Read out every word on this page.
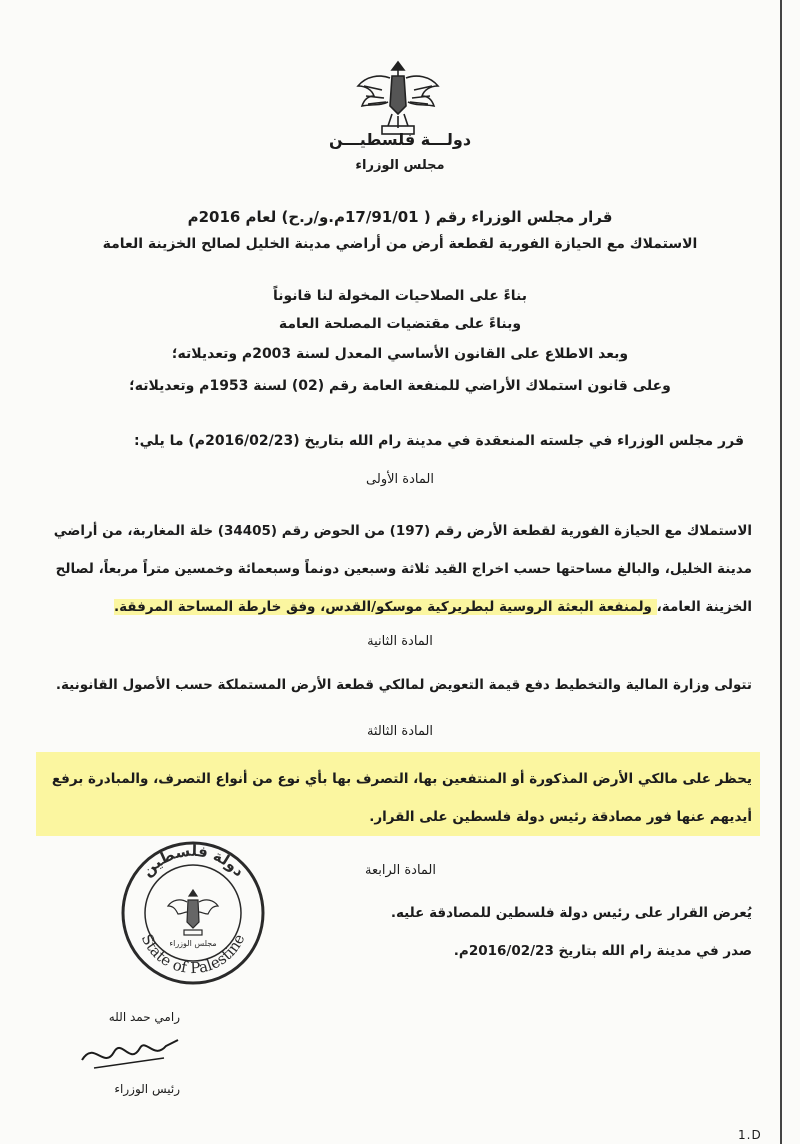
دولـــة فلسطيـــن
مجلس الوزراء
قرار مجلس الوزراء رقم ( 17/91/01م.و/ر.ح) لعام 2016م
الاستملاك مع الحيازة الفورية لقطعة أرض من أراضي مدينة الخليل لصالح الخزينة العامة
بناءً على الصلاحيات المخولة لنا قانوناً
وبناءً على مقتضيات المصلحة العامة
وبعد الاطلاع على القانون الأساسي المعدل لسنة 2003م وتعديلاته؛
وعلى قانون استملاك الأراضي للمنفعة العامة رقم (02) لسنة 1953م وتعديلاته؛
قرر مجلس الوزراء في جلسته المنعقدة في مدينة رام الله بتاريخ (2016/02/23م) ما يلي:
المادة الأولى
الاستملاك مع الحيازة الفورية لقطعة الأرض رقم (197) من الحوض رقم (34405) خلة المغاربة، من أراضي
مدينة الخليل، والبالغ مساحتها حسب اخراج القيد ثلاثة وسبعين دونماً وسبعمائة وخمسين متراً مربعاً، لصالح
الخزينة العامة، ولمنفعة البعثة الروسية لبطريركية موسكو/القدس، وفق خارطة المساحة المرفقة.
المادة الثانية
تتولى وزارة المالية والتخطيط دفع قيمة التعويض لمالكي قطعة الأرض المستملكة حسب الأصول القانونية.
المادة الثالثة
يحظر على مالكي الأرض المذكورة أو المنتفعين بها، التصرف بها بأي نوع من أنواع التصرف، والمبادرة برفع
أيديهم عنها فور مصادقة رئيس دولة فلسطين على القرار.
المادة الرابعة
يُعرض القرار على رئيس دولة فلسطين للمصادقة عليه.
صدر في مدينة رام الله بتاريخ 2016/02/23م.
دولة فلسطين
State of Palestine
مجلس الوزراء
رامي حمد الله
رئيس الوزراء
1.D
